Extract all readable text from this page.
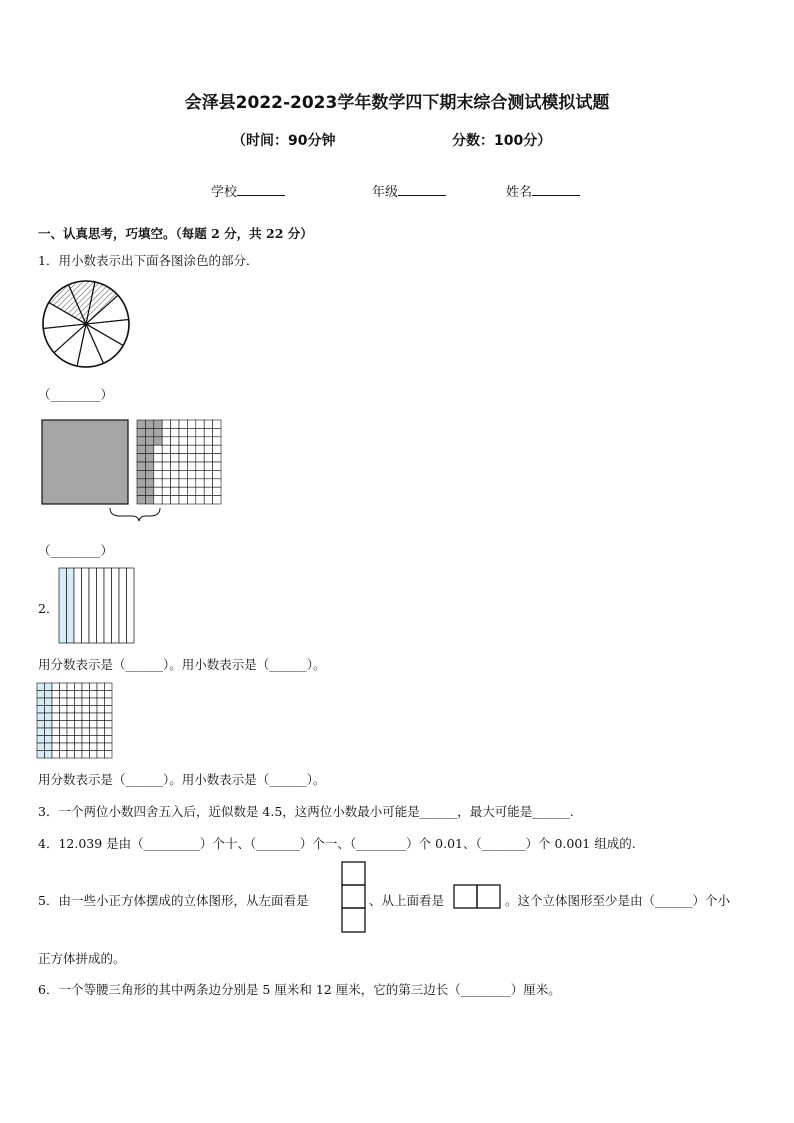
会泽县2022-2023学年数学四下期末综合测试模拟试题
（时间：90分钟	分数：100分）
学校	年级	姓名
一、认真思考，巧填空。（每题 2 分，共 22 分）
1．用小数表示出下面各图涂色的部分．
（________）
（________）
2．
用分数表示是（______）。用小数表示是（______）。
用分数表示是（______）。用小数表示是（______）。
3．一个两位小数四舍五入后，近似数是 4.5，这两位小数最小可能是______，最大可能是______.
4．12.039 是由（_________）个十、（_______）个一、（________）个 0.01、（_______）个 0.001 组成的.
5．由一些小正方体摆成的立体图形，从左面看是	、从上面看是	。这个立体图形至少是由（______）个小
正方体拼成的。
6．一个等腰三角形的其中两条边分别是 5 厘米和 12 厘米，它的第三边长（________）厘米。
